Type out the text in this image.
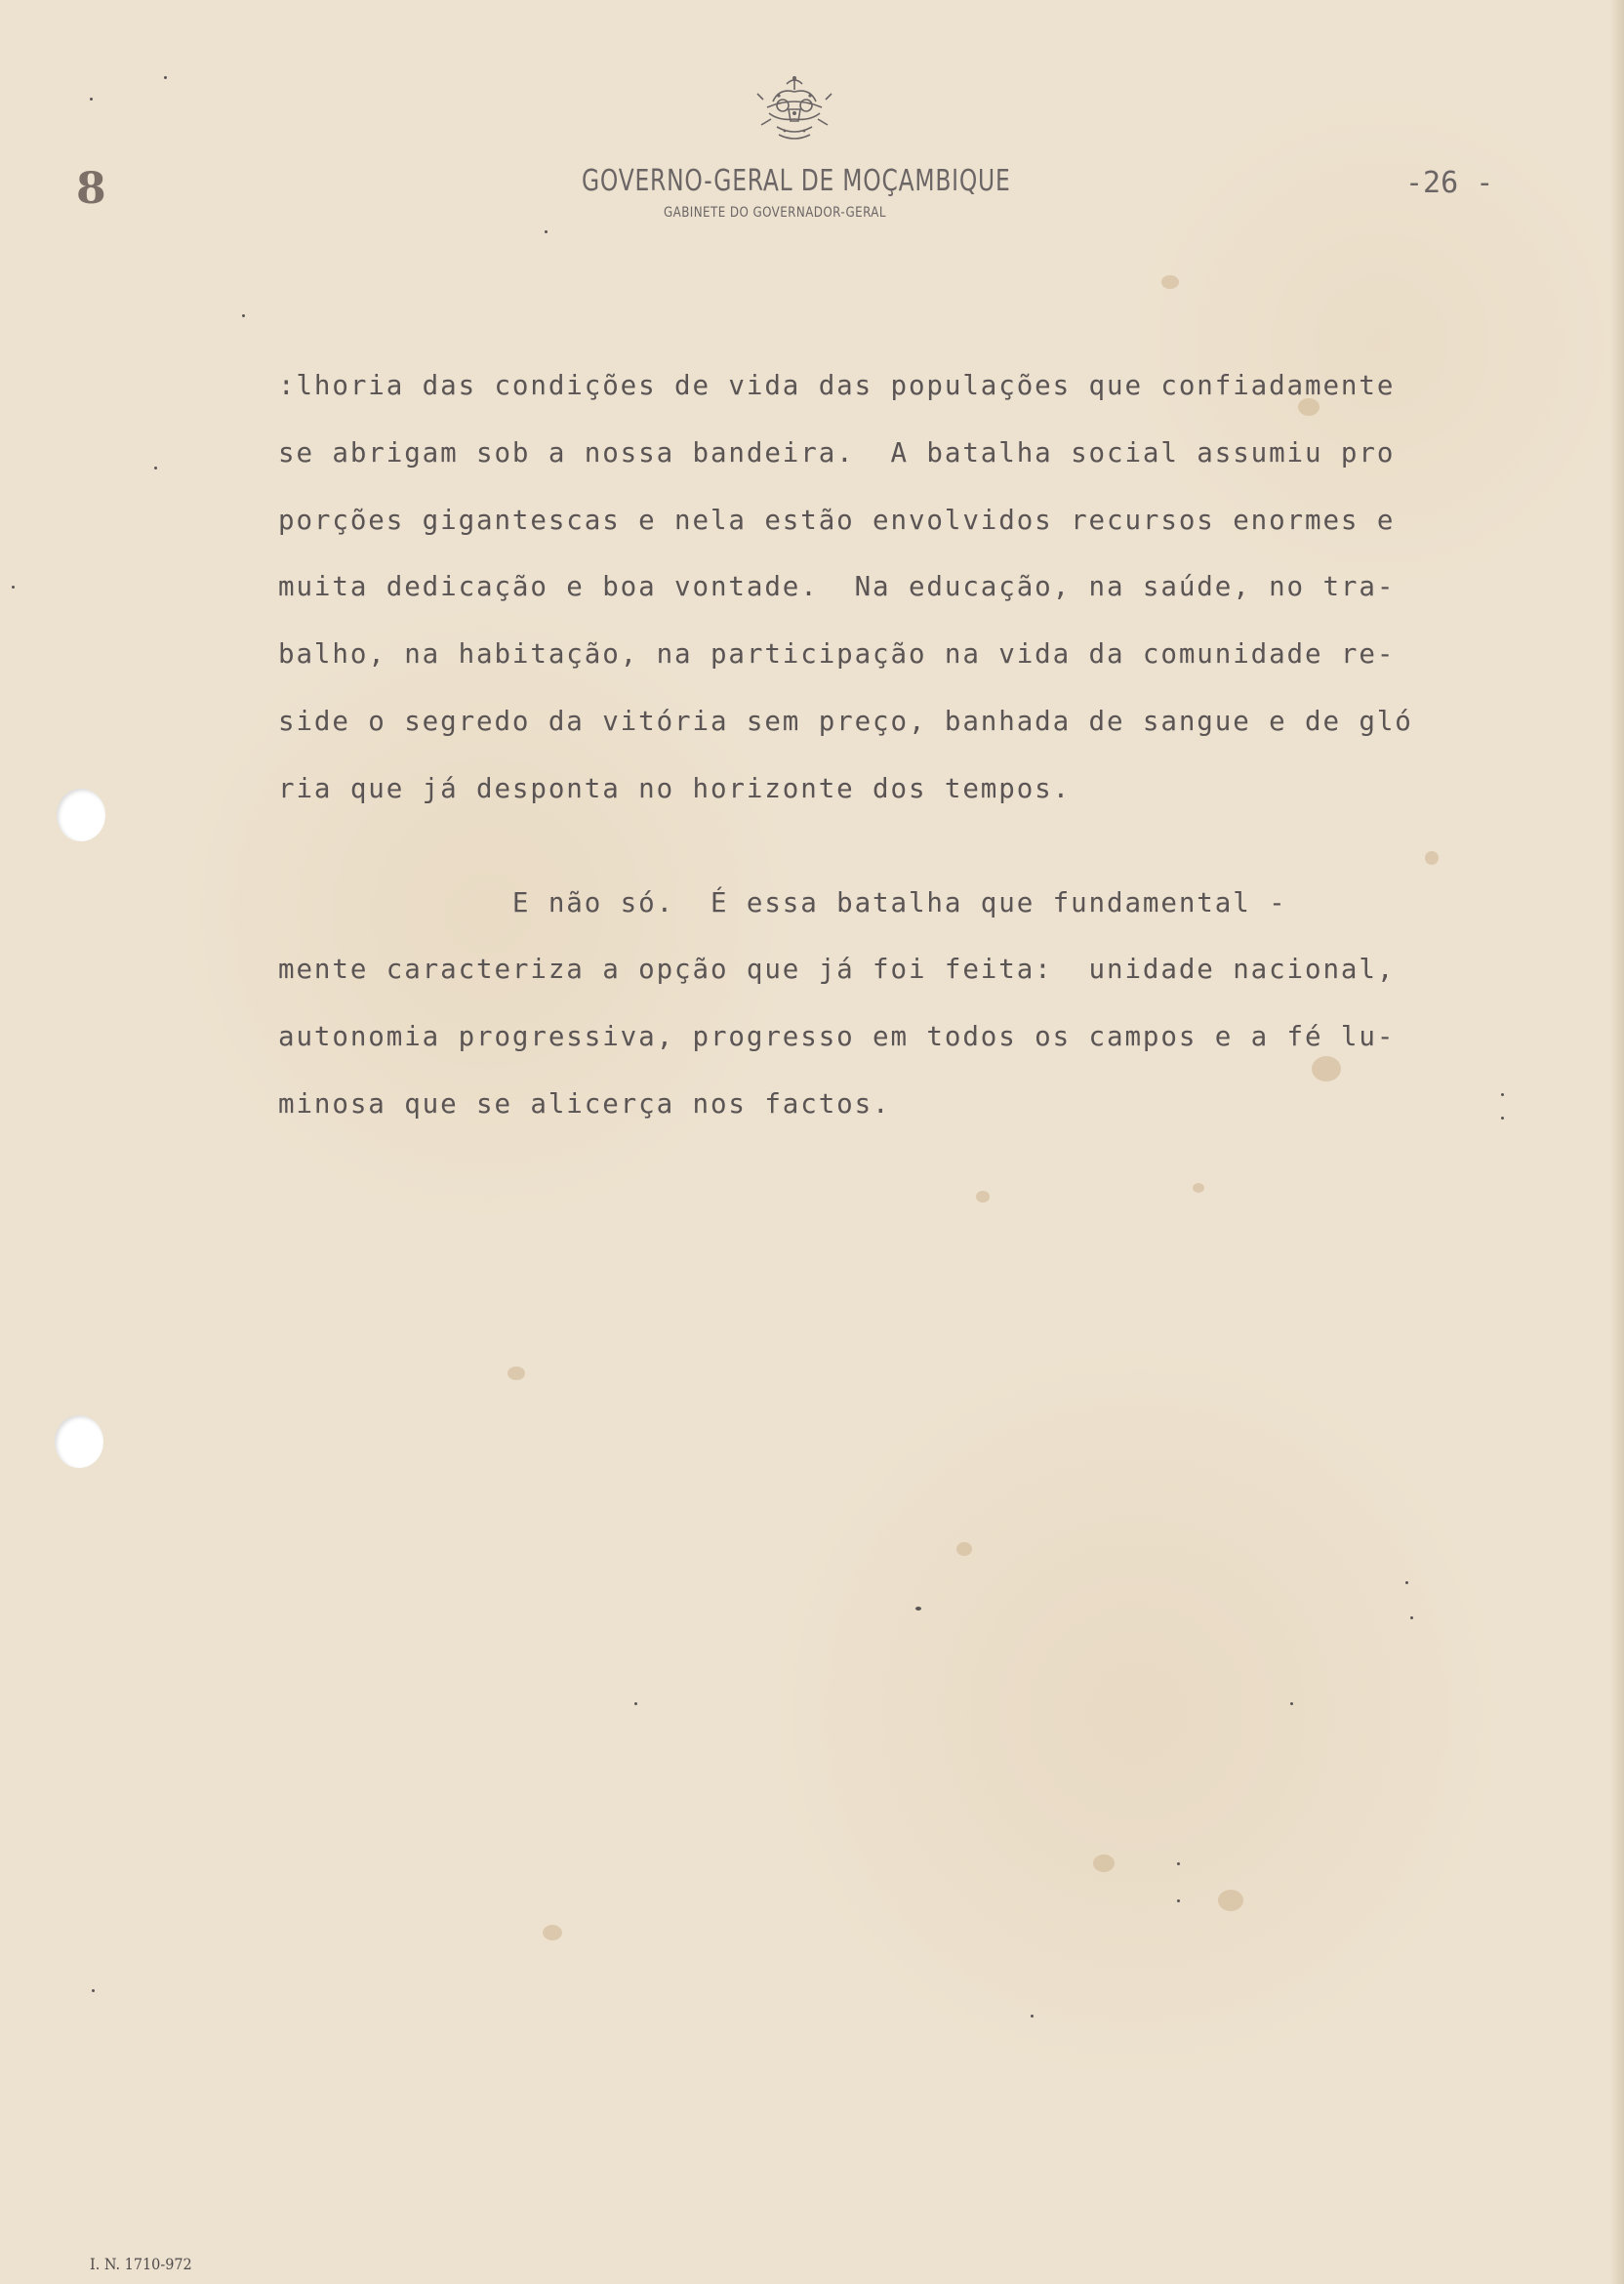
8	GOVERNO-GERAL DE MOÇAMBIQUE
GABINETE DO GOVERNADOR-GERAL
-26 -
:lhoria das condições de vida das populações que confiadamente
se abrigam sob a nossa bandeira.  A batalha social assumiu pro
porções gigantescas e nela estão envolvidos recursos enormes e
muita dedicação e boa vontade.  Na educação, na saúde, no tra-
balho, na habitação, na participação na vida da comunidade re-
side o segredo da vitória sem preço, banhada de sangue e de gló
ria que já desponta no horizonte dos tempos.
E não só.  É essa batalha que fundamental -
mente caracteriza a opção que já foi feita:  unidade nacional,
autonomia progressiva, progresso em todos os campos e a fé lu-
minosa que se alicerça nos factos.
I. N. 1710-972
